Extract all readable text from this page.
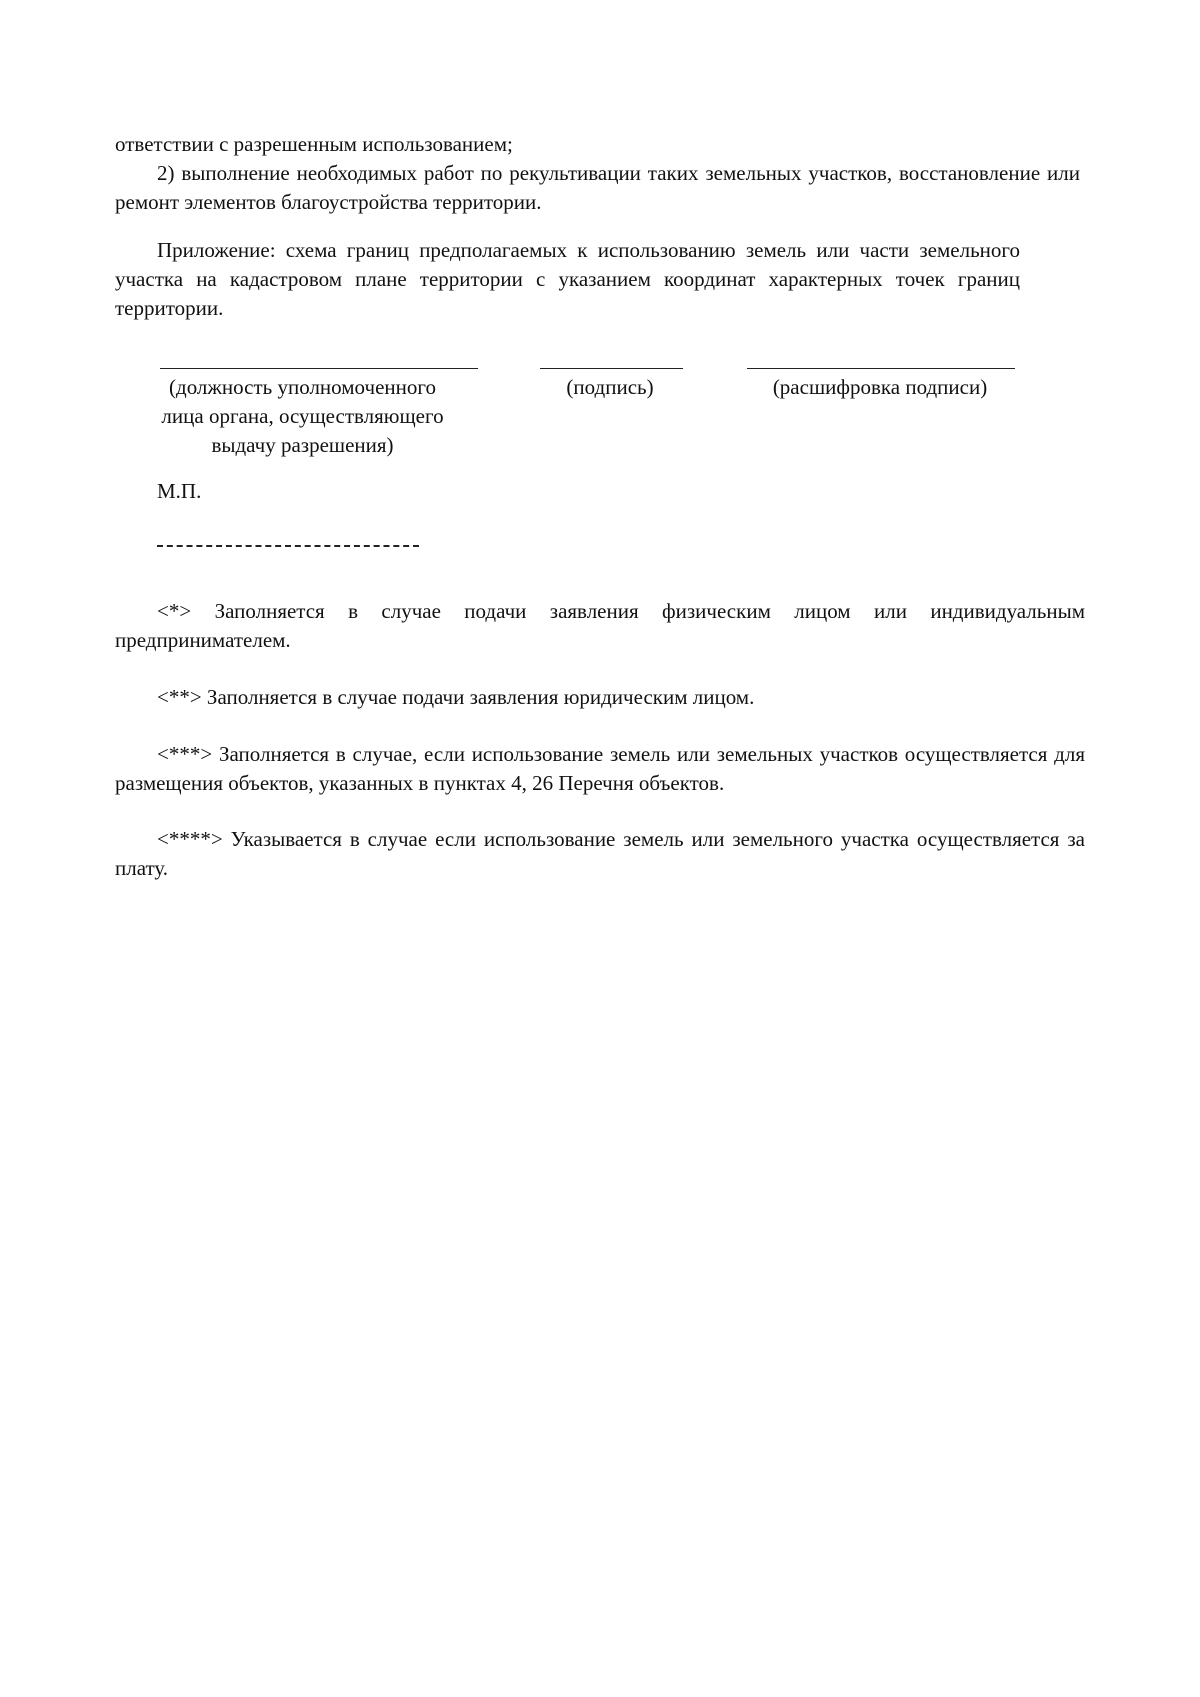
ответствии с разрешенным использованием;
2) выполнение необходимых работ по рекультивации таких земельных участков, восстановление или ремонт элементов благоустройства территории.
Приложение: схема границ предполагаемых к использованию земель или части земельного участка на кадастровом плане территории с указанием координат характерных точек границ территории.
(должность уполномоченного
лица органа, осуществляющего
выдачу разрешения)
(подпись)	(расшифровка подписи)
М.П.
<*> Заполняется в случае подачи заявления физическим лицом или индивидуальным предпринимателем.
<**> Заполняется в случае подачи заявления юридическим лицом.
<***> Заполняется в случае, если использование земель или земельных участков осуществляется для размещения объектов, указанных в пунктах 4, 26 Перечня объектов.
<****> Указывается в случае если использование земель или земельного участка осуществляется за плату.
